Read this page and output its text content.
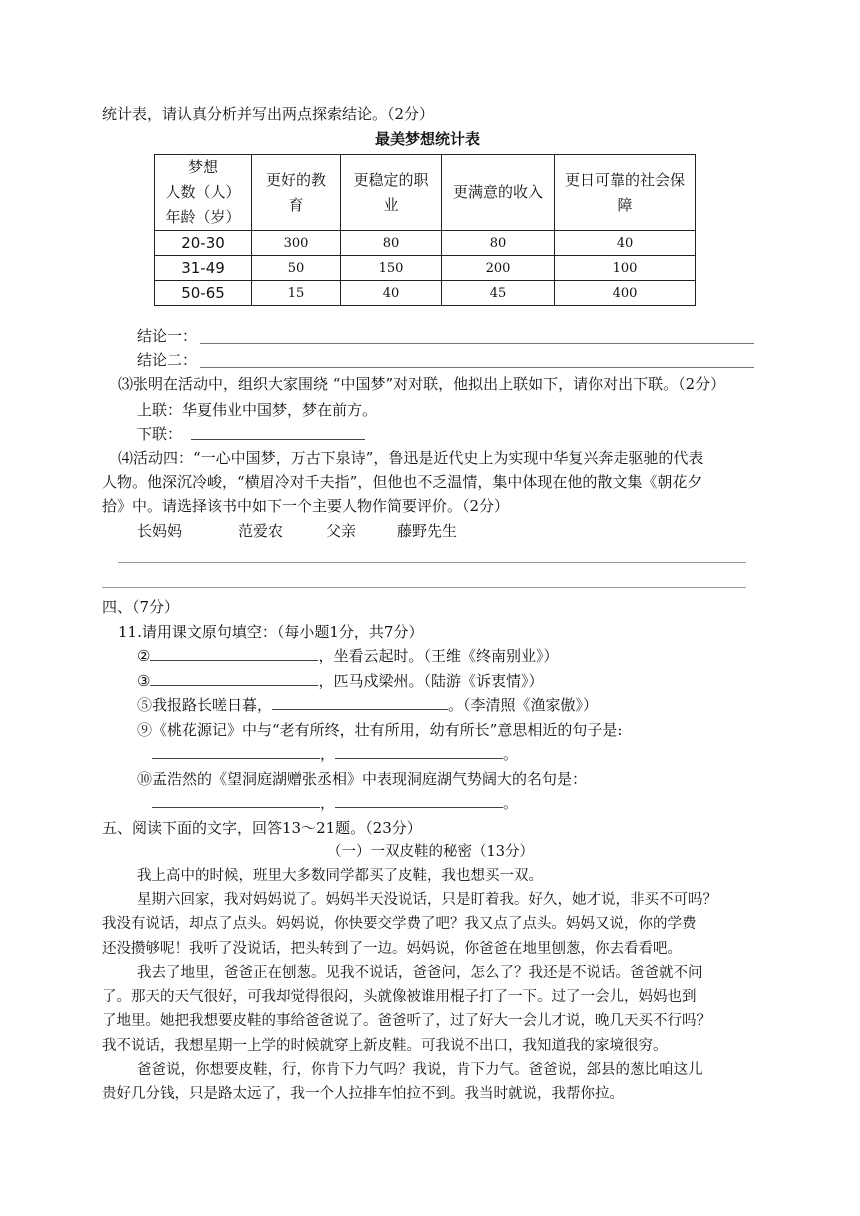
统计表，请认真分析并写出两点探索结论。（2分）
最美梦想统计表
梦想
人数（人）
年龄（岁）	更好的教育	更稳定的职业	更满意的收入	更日可靠的社会保障

20-30	300	80	80	40
31-49	50	150	200	100
50-65	15	40	45	400
结论一：
结论二：
⑶张明在活动中，组织大家围绕 “中国梦”对对联，他拟出上联如下，请你对出下联。（2分）
上联：华夏伟业中国梦，梦在前方。
下联：
⑷活动四：“一心中国梦，万古下泉诗”，鲁迅是近代史上为实现中华复兴奔走驱驰的代表
人物。他深沉冷峻，“横眉冷对千夫指”，但他也不乏温情，集中体现在他的散文集《朝花夕
拾》中。请选择该书中如下一个主要人物作简要评价。（2分）
长妈妈	范爱农	父亲	藤野先生
四、（7分）
11.请用课文原句填空：（每小题1分，共7分）
②	，坐看云起时。（王维《终南别业》）
③	，匹马戍梁州。（陆游《诉衷情》）
⑤我报路长嗟日暮，	。（李清照《渔家傲》）
⑨《桃花源记》中与“老有所终，壮有所用，幼有所长”意思相近的句子是:
，	。
⑩孟浩然的《望洞庭湖赠张丞相》中表现洞庭湖气势阔大的名句是：
，	。
五、阅读下面的文字，回答13～21题。（23分）
（一）一双皮鞋的秘密（13分）
我上高中的时候，班里大多数同学都买了皮鞋，我也想买一双。
星期六回家，我对妈妈说了。妈妈半天没说话，只是盯着我。好久，她才说，非买不可吗？
我没有说话，却点了点头。妈妈说，你快要交学费了吧？我又点了点头。妈妈又说，你的学费
还没攒够呢！我听了没说话，把头转到了一边。妈妈说，你爸爸在地里刨葱，你去看看吧。
我去了地里，爸爸正在刨葱。见我不说话，爸爸问，怎么了？我还是不说话。爸爸就不问
了。那天的天气很好，可我却觉得很闷，头就像被谁用棍子打了一下。过了一会儿，妈妈也到
了地里。她把我想要皮鞋的事给爸爸说了。爸爸听了，过了好大一会儿才说，晚几天买不行吗？
我不说话，我想星期一上学的时候就穿上新皮鞋。可我说不出口，我知道我的家境很穷。
爸爸说，你想要皮鞋，行，你肯下力气吗？我说，肯下力气。爸爸说，郐县的葱比咱这儿
贵好几分钱，只是路太远了，我一个人拉排车怕拉不到。我当时就说，我帮你拉。
